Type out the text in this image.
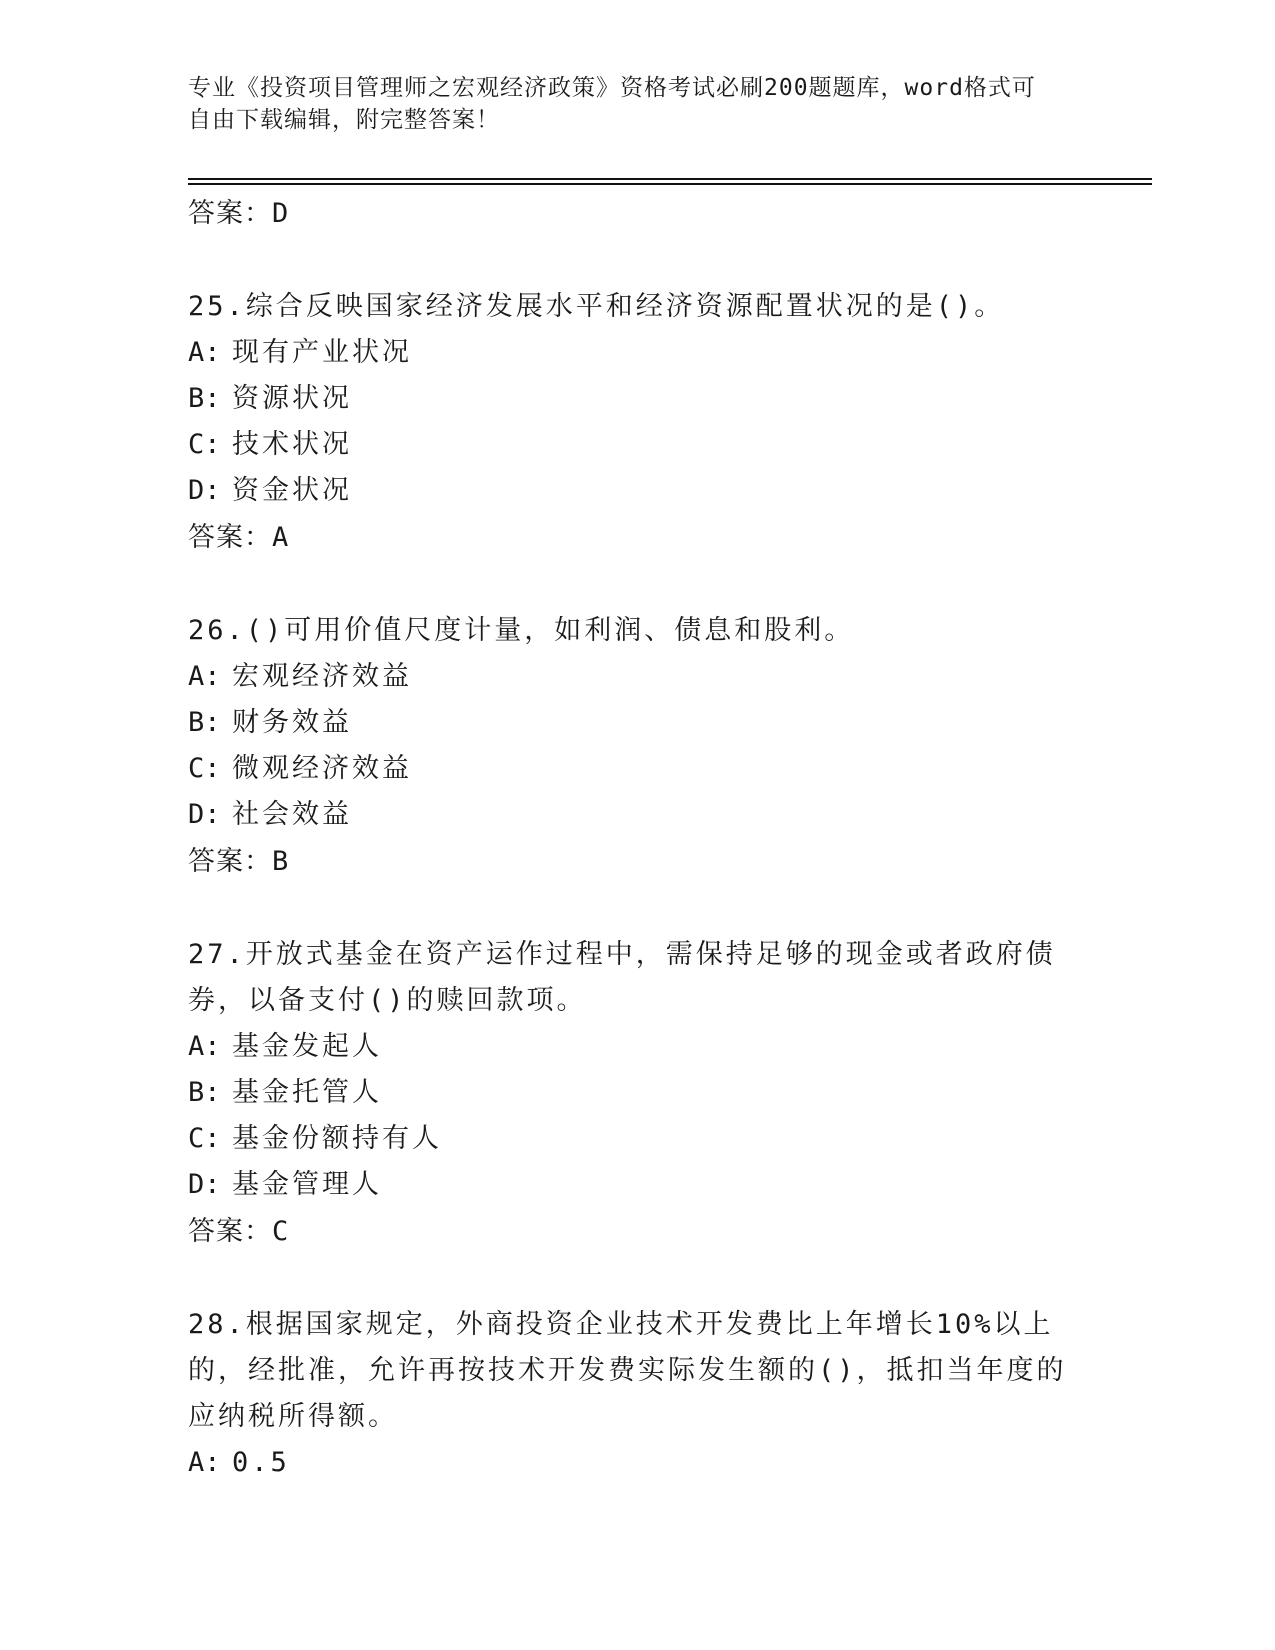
专业《投资项目管理师之宏观经济政策》资格考试必刷200题题库，word格式可
自由下载编辑，附完整答案！
答案：D
25.综合反映国家经济发展水平和经济资源配置状况的是()。
A: 现有产业状况
B: 资源状况
C: 技术状况
D: 资金状况
答案：A
26.()可用价值尺度计量，如利润、债息和股利。
A: 宏观经济效益
B: 财务效益
C: 微观经济效益
D: 社会效益
答案：B
27.开放式基金在资产运作过程中，需保持足够的现金或者政府债券，以备支付()的赎回款项。
A: 基金发起人
B: 基金托管人
C: 基金份额持有人
D: 基金管理人
答案：C
28.根据国家规定，外商投资企业技术开发费比上年增长10%以上的，经批准，允许再按技术开发费实际发生额的()，抵扣当年度的应纳税所得额。
A: 0.5
